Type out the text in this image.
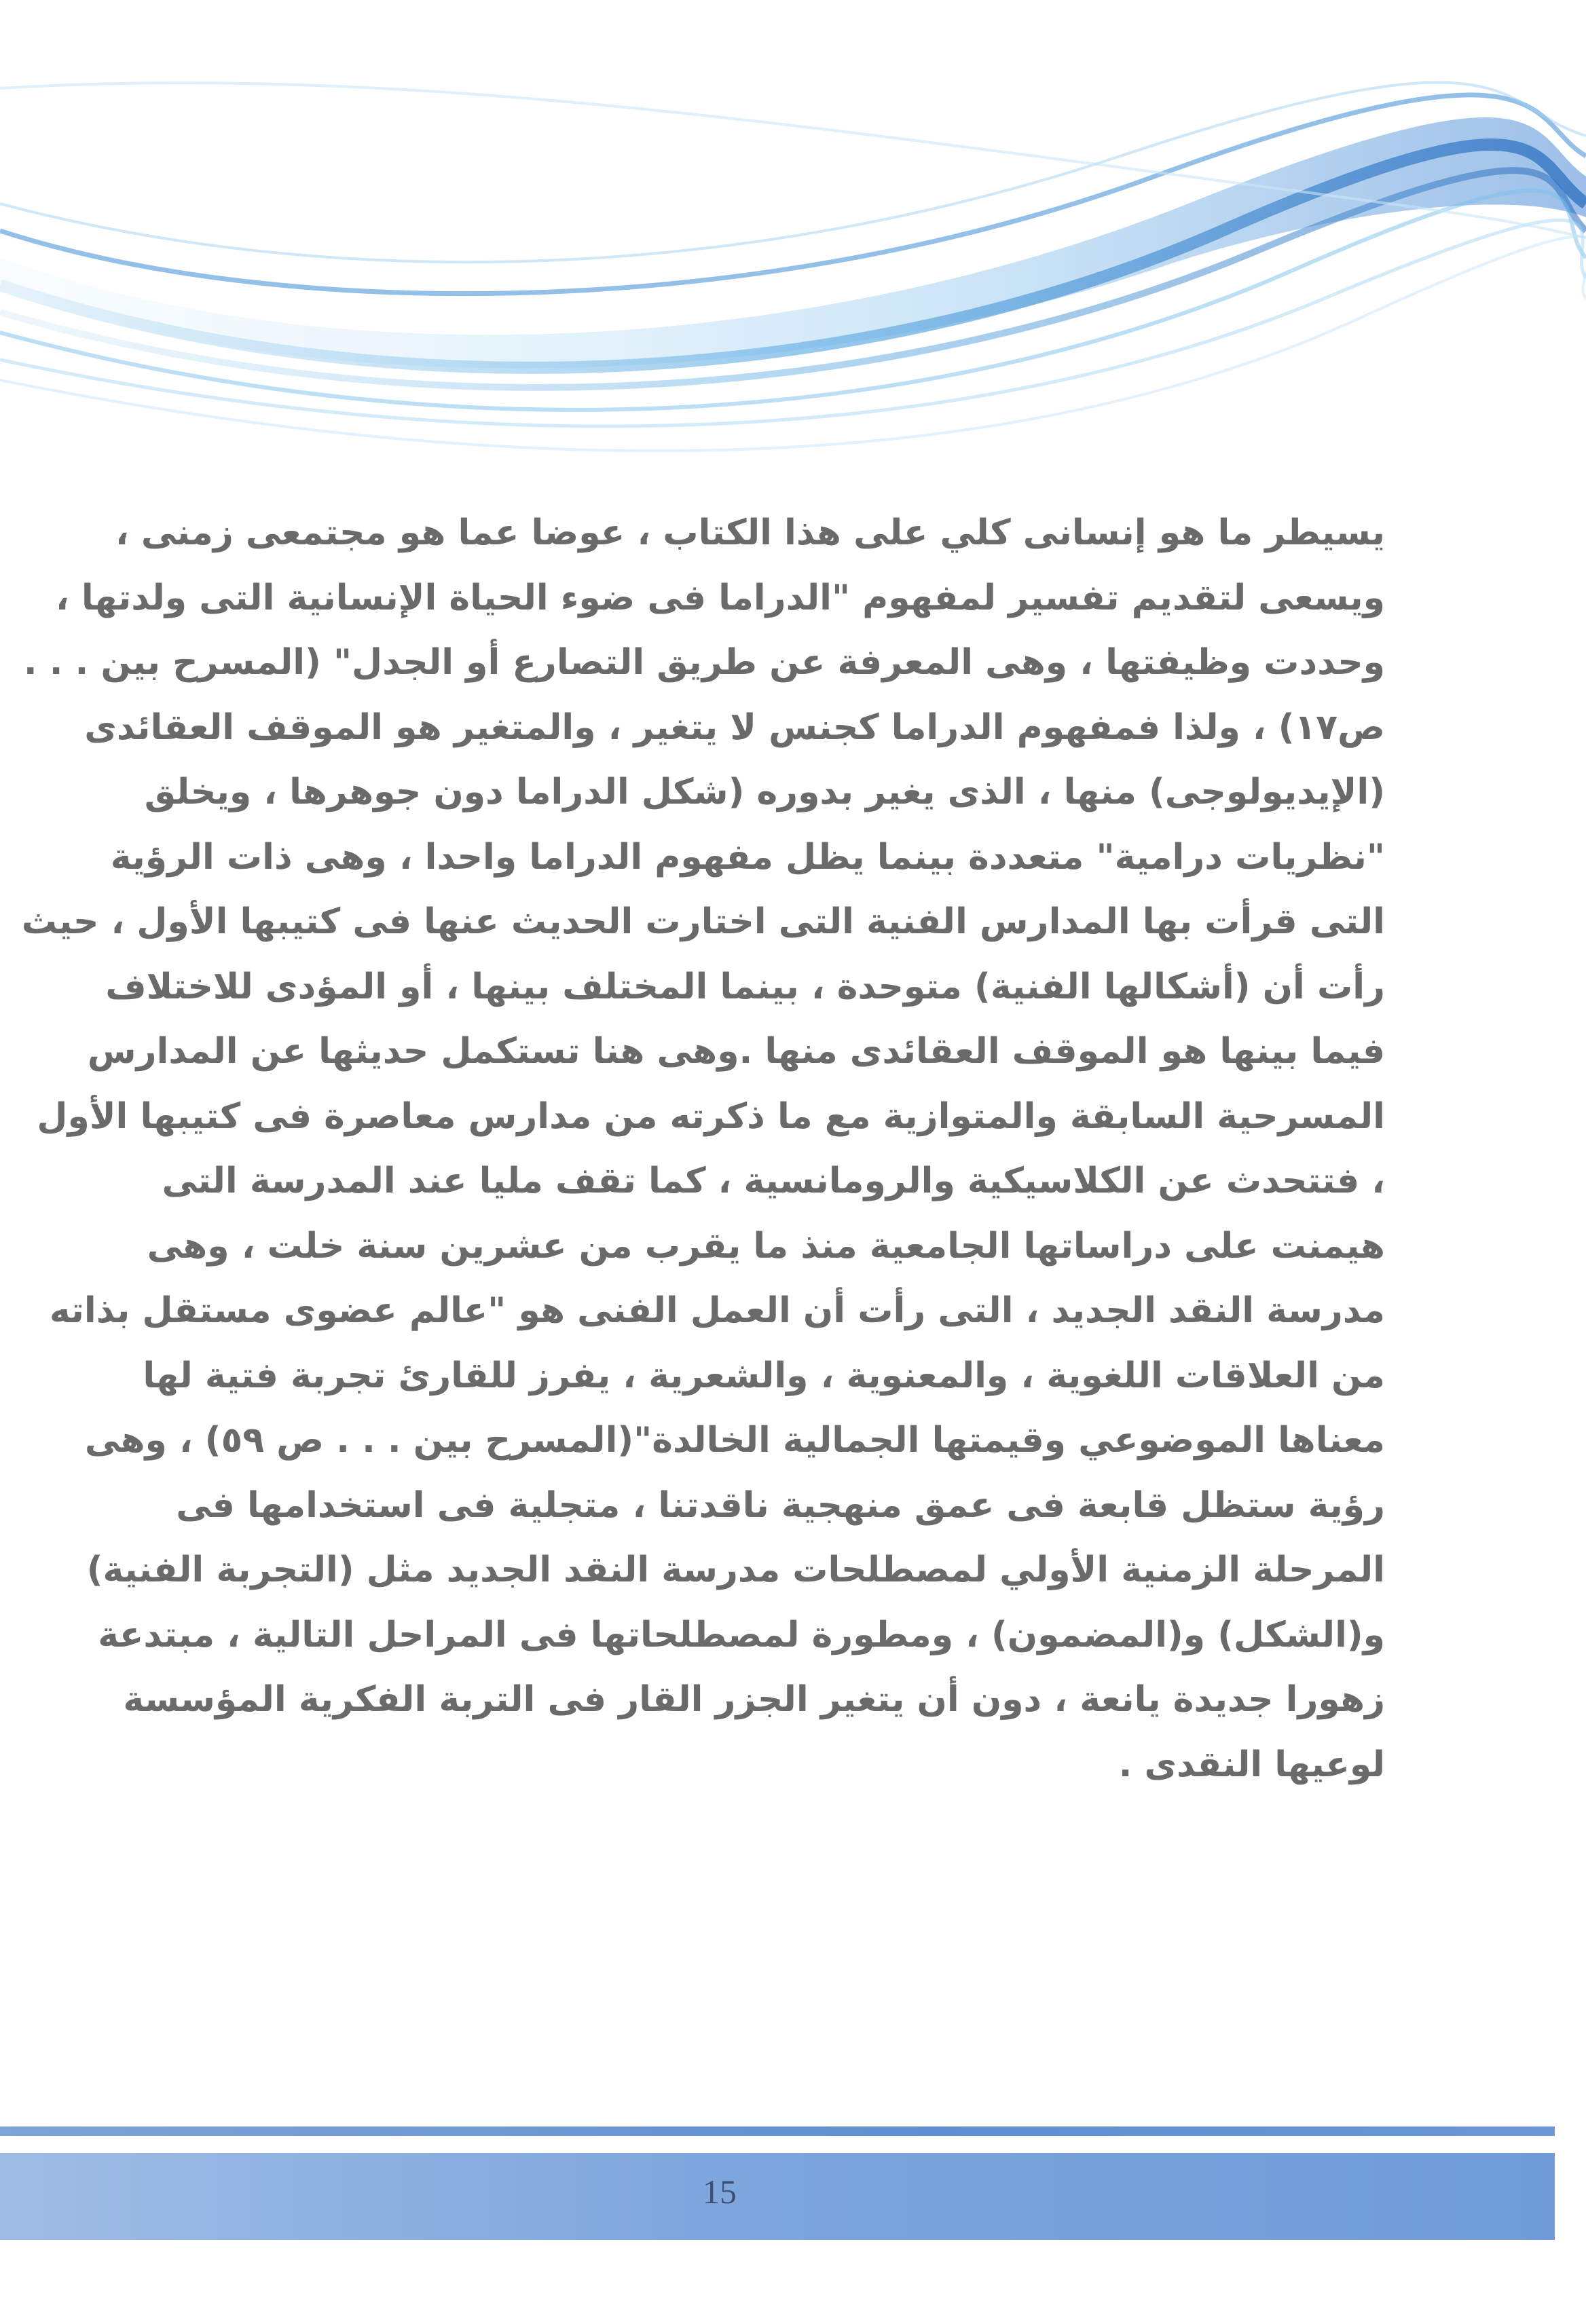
يسيطر ما هو إنسانى كلي على هذا الكتاب ، عوضا عما هو مجتمعى زمنى ،
ويسعى لتقديم تفسير لمفهوم "الدراما فى ضوء الحياة الإنسانية التى ولدتها ،
وحددت وظيفتها ، وهى المعرفة عن طريق التصارع أو الجدل" (المسرح بين . . .
ص١٧) ، ولذا فمفهوم الدراما كجنس لا يتغير ، والمتغير هو الموقف العقائدى
(الإيديولوجى) منها ، الذى يغير بدوره (شكل الدراما دون جوهرها ، ويخلق
"نظريات درامية" متعددة بينما يظل مفهوم الدراما واحدا ، وهى ذات الرؤية
التى قرأت بها المدارس الفنية التى اختارت الحديث عنها فى كتيبها الأول ، حيث
رأت أن (أشكالها الفنية) متوحدة ، بينما المختلف بينها ، أو المؤدى للاختلاف
فيما بينها هو الموقف العقائدى منها .وهى هنا تستكمل حديثها عن المدارس
المسرحية السابقة والمتوازية مع ما ذكرته من مدارس معاصرة فى كتيبها الأول
، فتتحدث عن الكلاسيكية والرومانسية ، كما تقف مليا عند المدرسة التى
هيمنت على دراساتها الجامعية منذ ما يقرب من عشرين سنة خلت ، وهى
مدرسة النقد الجديد ، التى رأت أن العمل الفنى هو "عالم عضوى مستقل بذاته
من العلاقات اللغوية ، والمعنوية ، والشعرية ، يفرز للقارئ تجربة فتية لها
معناها الموضوعي وقيمتها الجمالية الخالدة"(المسرح بين . . . ص ٥٩) ، وهى
رؤية ستظل قابعة فى عمق منهجية ناقدتنا ، متجلية فى استخدامها فى
المرحلة الزمنية الأولي لمصطلحات مدرسة النقد الجديد مثل (التجربة الفنية)
و(الشكل) و(المضمون) ، ومطورة لمصطلحاتها فى المراحل التالية ، مبتدعة
زهورا جديدة يانعة ، دون أن يتغير الجزر القار فى التربة الفكرية المؤسسة
لوعيها النقدى .
15
